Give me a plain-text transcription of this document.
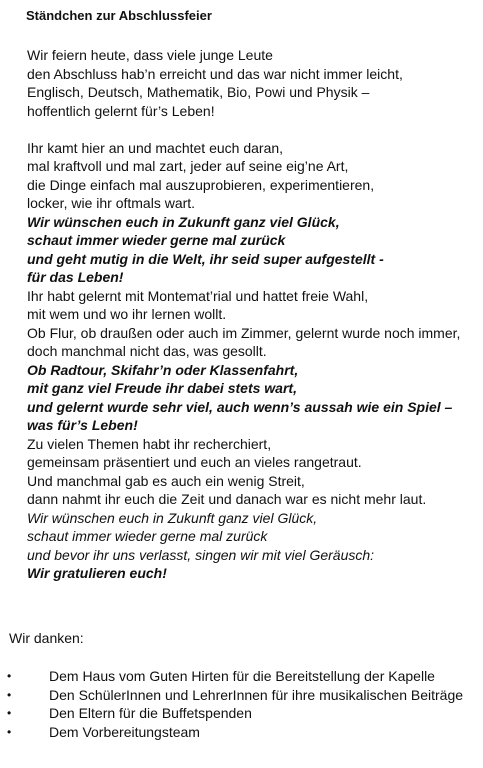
Ständchen zur Abschlussfeier
Wir feiern heute, dass viele junge Leute
den Abschluss hab’n erreicht und das war nicht immer leicht,
Englisch, Deutsch, Mathematik, Bio, Powi und Physik –
hoffentlich gelernt für’s Leben!
Ihr kamt hier an und machtet euch daran,
mal kraftvoll und mal zart, jeder auf seine eig’ne Art,
die Dinge einfach mal auszuprobieren, experimentieren,
locker, wie ihr oftmals wart.
Wir wünschen euch in Zukunft ganz viel Glück,
schaut immer wieder gerne mal zurück
und geht mutig in die Welt, ihr seid super aufgestellt -
für das Leben!
Ihr habt gelernt mit Montemat’rial und hattet freie Wahl,
mit wem und wo ihr lernen wollt.
Ob Flur, ob draußen oder auch im Zimmer, gelernt wurde noch immer,
doch manchmal nicht das, was gesollt.
Ob Radtour, Skifahr’n oder Klassenfahrt,
mit ganz viel Freude ihr dabei stets wart,
und gelernt wurde sehr viel, auch wenn’s aussah wie ein Spiel –
was für’s Leben!
Zu vielen Themen habt ihr recherchiert,
gemeinsam präsentiert und euch an vieles rangetraut.
Und manchmal gab es auch ein wenig Streit,
dann nahmt ihr euch die Zeit und danach war es nicht mehr laut.
Wir wünschen euch in Zukunft ganz viel Glück,
schaut immer wieder gerne mal zurück
und bevor ihr uns verlasst, singen wir mit viel Geräusch:
Wir gratulieren euch!
Wir danken:
•	Dem Haus vom Guten Hirten für die Bereitstellung der Kapelle
•	Den SchülerInnen und LehrerInnen für ihre musikalischen Beiträge
•	Den Eltern für die Buffetspenden
•	Dem Vorbereitungsteam
